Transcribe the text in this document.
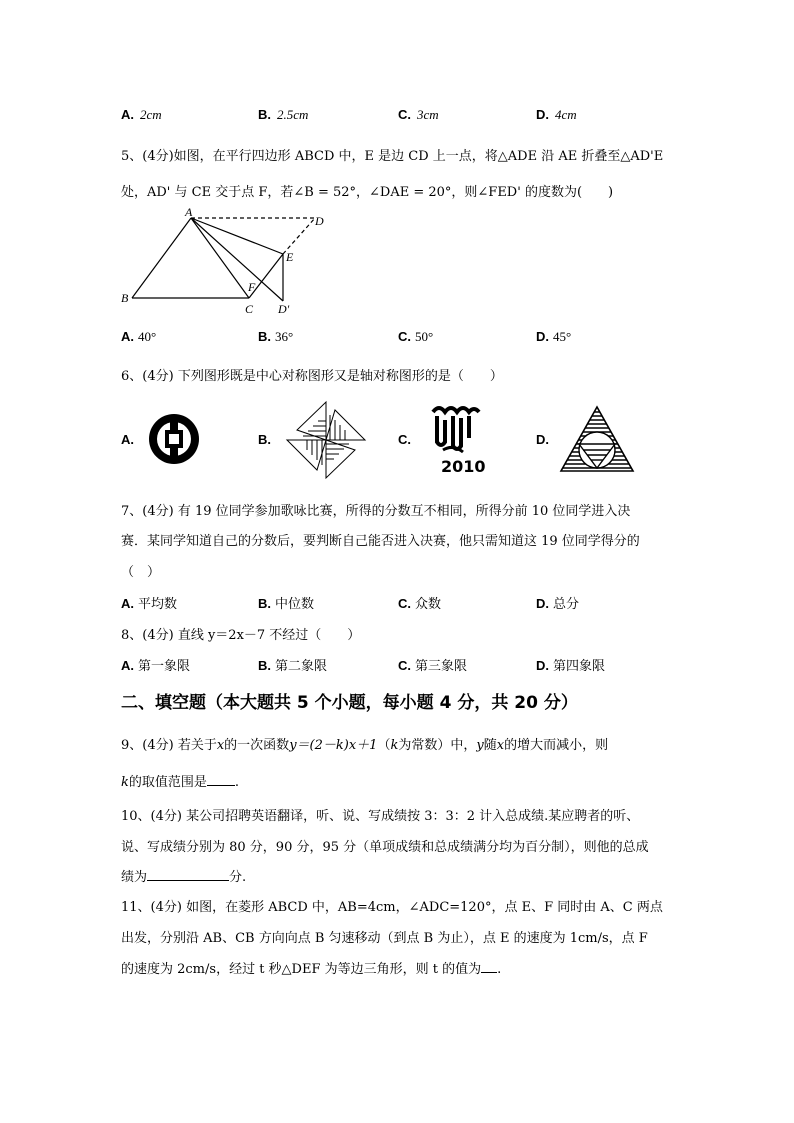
A. 2cm	B. 2.5cm	C. 3cm	D. 4cm
5、(4分)如图，在平行四边形 ABCD 中，E 是边 CD 上一点，将△ADE 沿 AE 折叠至△AD'E
处，AD' 与 CE 交于点 F，若∠B = 52°，∠DAE = 20°，则∠FED' 的度数为(　　)
A
B
C
D
E
F
D'
A. 40°	B. 36°	C. 50°	D. 45°
6、(4分) 下列图形既是中心对称图形又是轴对称图形的是（　　）
A.	B.	C.
2010
D.
7、(4分) 有 19 位同学参加歌咏比赛，所得的分数互不相同，所得分前 10 位同学进入决
赛．某同学知道自己的分数后，要判断自己能否进入决赛，他只需知道这 19 位同学得分的
（　）
A. 平均数	B. 中位数	C. 众数	D. 总分
8、(4分) 直线 y＝2x－7 不经过（　　）
A. 第一象限	B. 第二象限	C. 第三象限	D. 第四象限
二、填空题（本大题共 5 个小题，每小题 4 分，共 20 分）
9、(4分) 若关于x的一次函数y＝(2－k)x＋1（k为常数）中，y随x的增大而减小，则
k的取值范围是 .
10、(4分) 某公司招聘英语翻译，听、说、写成绩按 3：3：2 计入总成绩.某应聘者的听、
说、写成绩分别为 80 分，90 分，95 分（单项成绩和总成绩满分均为百分制），则他的总成
绩为	分.
11、(4分) 如图，在菱形 ABCD 中，AB=4cm，∠ADC=120°，点 E、F 同时由 A、C 两点
出发，分别沿 AB、CB 方向向点 B 匀速移动（到点 B 为止），点 E 的速度为 1cm/s，点 F
的速度为 2cm/s，经过 t 秒△DEF 为等边三角形，则 t 的值为 .
